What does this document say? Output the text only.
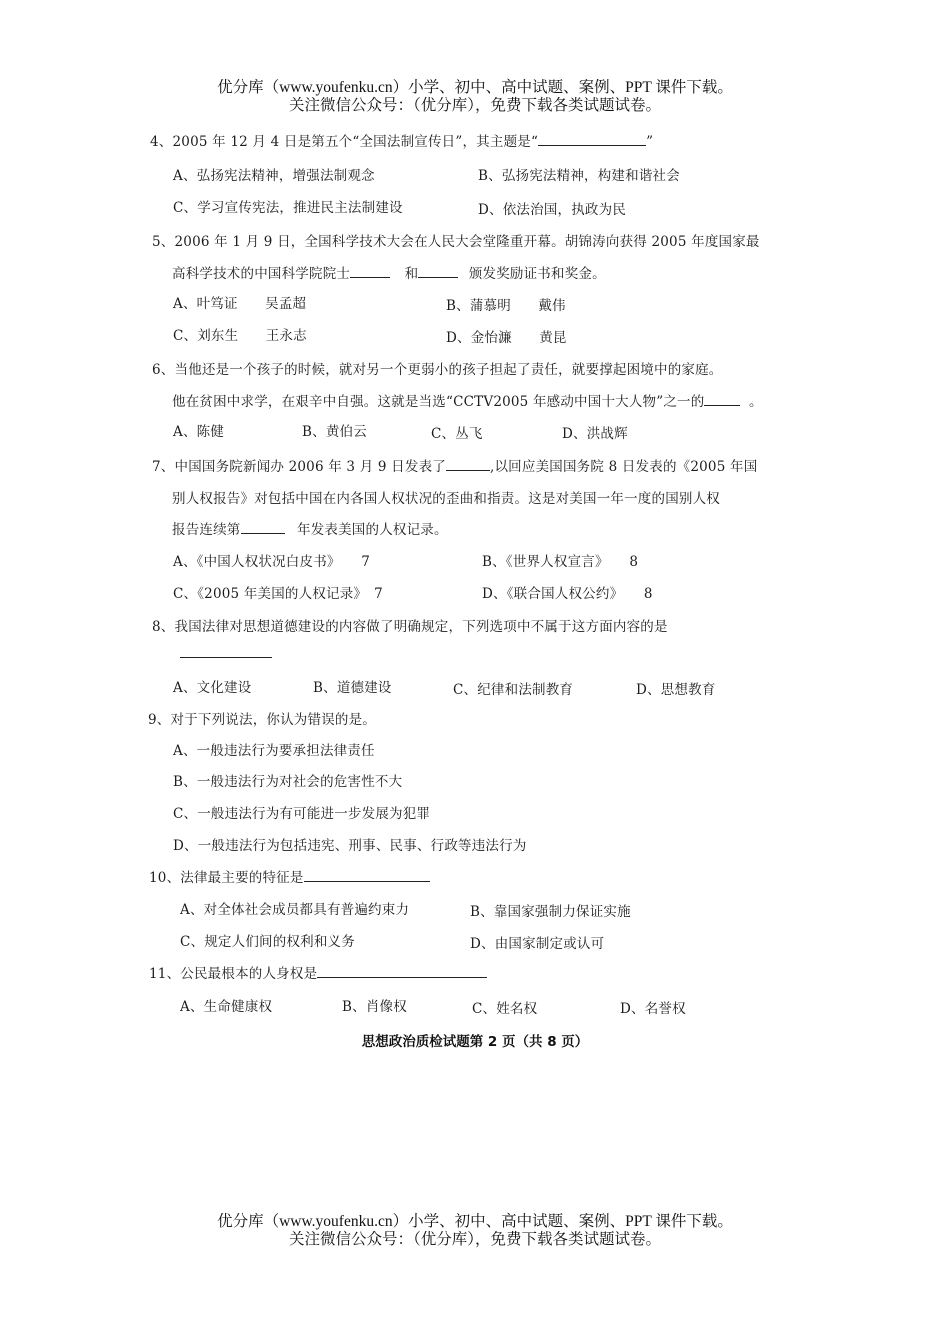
优分库（www.youfenku.cn）小学、初中、高中试题、案例、PPT 课件下载。
关注微信公众号：（优分库），免费下载各类试题试卷。
4、2005 年 12 月 4 日是第五个“全国法制宣传日”，其主题是“	”
A、弘扬宪法精神，增强法制观念	B、弘扬宪法精神，构建和谐社会
C、学习宣传宪法，推进民主法制建设	D、依法治国，执政为民
5、2006 年 1 月 9 日，全国科学技术大会在人民大会堂隆重开幕。胡锦涛向获得 2005 年度国家最
高科学技术的中国科学院院士	和	颁发奖励证书和奖金。
A、叶笃证　　吴孟超	B、蒲慕明　　戴伟
C、刘东生　　王永志	D、金怡濂　　黄昆
6、当他还是一个孩子的时候，就对另一个更弱小的孩子担起了责任，就要撑起困境中的家庭。
他在贫困中求学，在艰辛中自强。这就是当选“CCTV2005 年感动中国十大人物”之一的	。
A、陈健	B、黄伯云	C、丛飞	D、洪战辉
7、中国国务院新闻办 2006 年 3 月 9 日发表了	,以回应美国国务院 8 日发表的《2005 年国
别人权报告》对包括中国在内各国人权状况的歪曲和指责。这是对美国一年一度的国别人权
报告连续第	年发表美国的人权记录。
A、《中国人权状况白皮书》　　7	B、《世界人权宣言》　　8
C、《2005 年美国的人权记录》　7	D、《联合国人权公约》　　8
8、我国法律对思想道德建设的内容做了明确规定，下列选项中不属于这方面内容的是
A、文化建设	B、道德建设	C、纪律和法制教育	D、思想教育
9、对于下列说法，你认为错误的是。
A、一般违法行为要承担法律责任
B、一般违法行为对社会的危害性不大
C、一般违法行为有可能进一步发展为犯罪
D、一般违法行为包括违宪、刑事、民事、行政等违法行为
10、法律最主要的特征是
A、对全体社会成员都具有普遍约束力	B、靠国家强制力保证实施
C、规定人们间的权利和义务	D、由国家制定或认可
11、公民最根本的人身权是
A、生命健康权	B、肖像权	C、姓名权	D、名誉权
思想政治质检试题第 2 页（共 8 页）
优分库（www.youfenku.cn）小学、初中、高中试题、案例、PPT 课件下载。
关注微信公众号：（优分库），免费下载各类试题试卷。
